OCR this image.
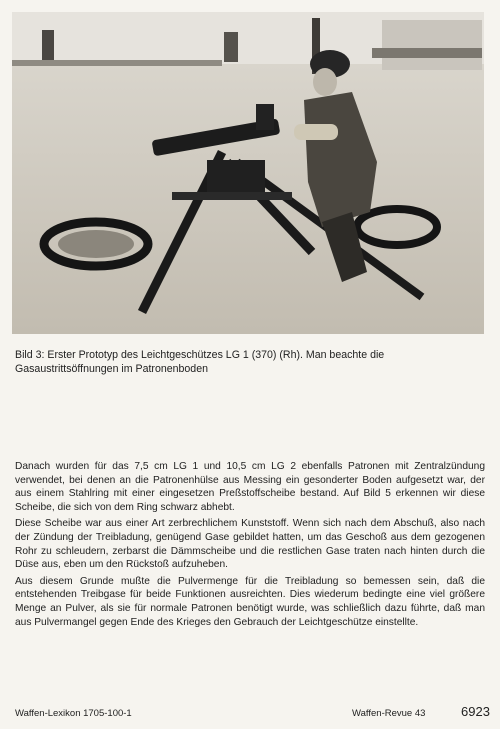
Bild 3: Erster Prototyp des Leichtgeschützes LG 1 (370) (Rh). Man beachte die Gasaustrittsöffnungen im Patronenboden

Danach wurden für das 7,5 cm LG 1 und 10,5 cm LG 2 ebenfalls Patronen mit Zentralzündung verwendet, bei denen an die Patronenhülse aus Messing ein gesonderter Boden aufgesetzt war, der aus einem Stahlring mit einer eingesetzen Preßstoffscheibe bestand. Auf Bild 5 erkennen wir diese Scheibe, die sich von dem Ring schwarz abhebt.

Diese Scheibe war aus einer Art zerbrechlichem Kunststoff. Wenn sich nach dem Abschuß, also nach der Zündung der Treibladung, genügend Gase gebildet hatten, um das Geschoß aus dem gezogenen Rohr zu schleudern, zerbarst die Dämmscheibe und die restlichen Gase traten nach hinten durch die Düse aus, eben um den Rückstoß aufzuheben.

Aus diesem Grunde mußte die Pulvermenge für die Treibladung so bemessen sein, daß die entstehenden Treibgase für beide Funktionen ausreichten. Dies wiederum bedingte eine viel größere Menge an Pulver, als sie für normale Patronen benötigt wurde, was schließlich dazu führte, daß man aus Pulvermangel gegen Ende des Krieges den Gebrauch der Leichtgeschütze einstellte.

Waffen-Lexikon 1705-100-1	Waffen-Revue 43	6923
